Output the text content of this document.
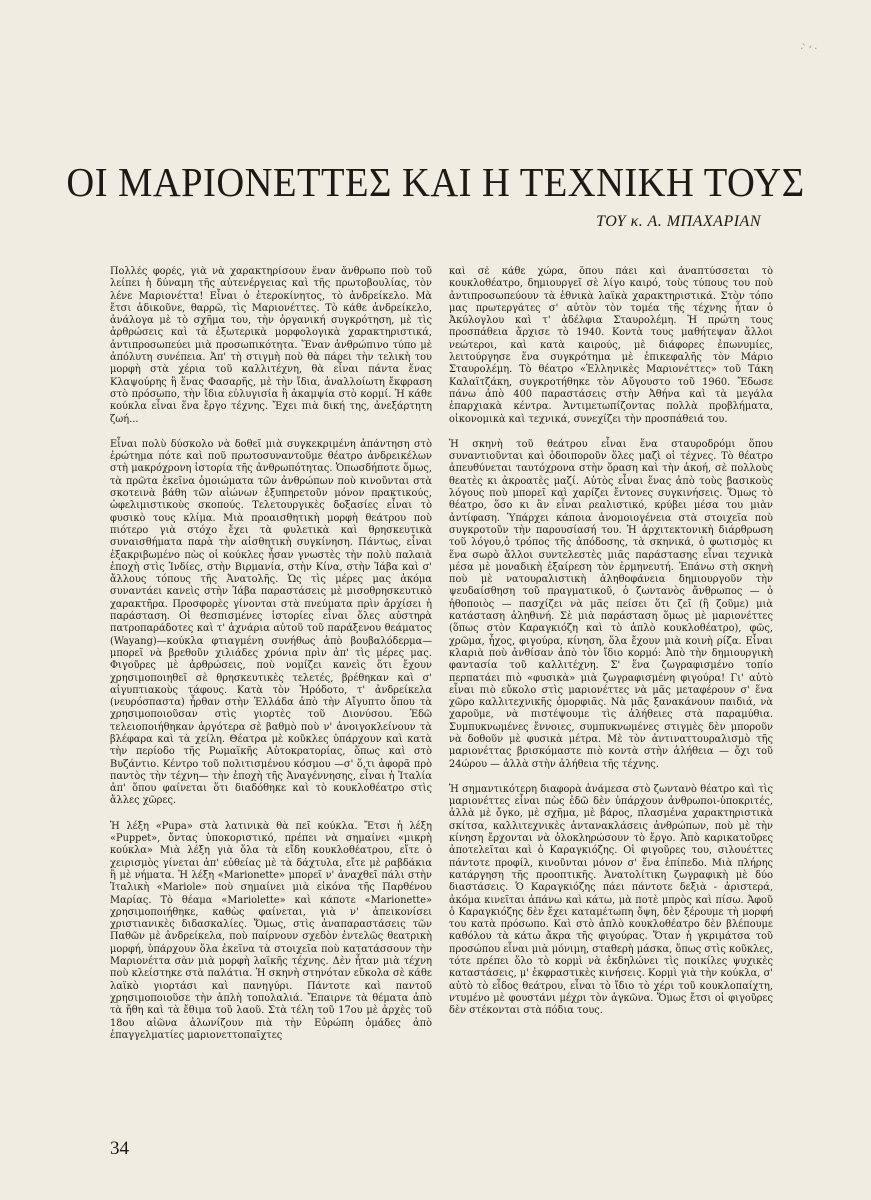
· ̀ ̛ ·
ΟΙ ΜΑΡΙΟΝΕΤΤΕΣ ΚΑΙ Η ΤΕΧΝΙΚΗ ΤΟΥΣ
ΤΟΥ κ. Α. ΜΠΑΧΑΡΙΑΝ

Πολλές φορές, γιὰ νὰ χαρακτηρίσουν ἕναν ἄνθρωπο ποὺ τοῦ λείπει ἡ δύναμη τῆς αὐτενέργειας καὶ τῆς πρωτοβουλίας, τὸν λένε Μαριονέττα! Εἶναι ὁ ἑτεροκίνητος, τὸ ἀνδρείκελο. Μὰ ἔτσι ἀδικοῦνε, θαρρῶ, τὶς Μαριονέττες. Τὸ κάθε ἀνδρείκελο, ἀνάλογα μὲ τὸ σχῆμα του, τὴν ὀργανική συγκρότηση, μὲ τὶς ἀρθρώσεις καὶ τὰ ἐξωτερικὰ μορφολογικὰ χαρακτηριστικά, ἀντιπροσωπεύει μιὰ προσωπικότητα. Ἕναν ἀνθρώπινο τύπο μὲ ἀπόλυτη συνέπεια. Ἀπ' τὴ στιγμὴ ποὺ θὰ πάρει τὴν τελικὴ του μορφὴ στὰ χέρια τοῦ καλλιτέχνη, θὰ εἶναι πάντα ἕνας Κλαψούρης ἢ ἕνας Φασαρῆς, μὲ τὴν ἴδια, ἀναλλοίωτη ἔκφραση στὸ πρόσωπο, τὴν ἴδια εὐλυγισία ἢ ἀκαμψία στὸ κορμί. Ἡ κάθε κούκλα εἶναι ἕνα ἔργο τέχνης. Ἔχει πιὰ δική της, ἀνεξάρτητη ζωή...

Εἶναι πολὺ δύσκολο νὰ δοθεῖ μιὰ συγκεκριμένη ἀπάντηση στὸ ἐρώτημα πότε καὶ ποῦ πρωτοσυναντοῦμε θέατρο ἀνδρεικέλων στὴ μακρόχρονη ἱστορία τῆς ἀνθρωπότητας. Ὁπωσδήποτε ὅμως, τὰ πρῶτα ἐκεῖνα ὁμοιώματα τῶν ἀνθρώπων ποὺ κινοῦνται στὰ σκοτεινὰ βάθη τῶν αἰώνων ἐξυπηρετοῦν μόνον πρακτικούς, ὠφελιμιστικοὺς σκοπούς. Τελετουργικὲς δοξασίες εἶναι τὸ φυσικὸ τους κλίμα. Μιὰ προαισθητικὴ μορφὴ θεάτρου ποὺ πιότερο γιὰ στόχο ἔχει τὰ φυλετικὰ καὶ θρησκευτικὰ συναισθήματα παρὰ τὴν αἰσθητικὴ συγκίνηση. Πάντως, εἶναι ἐξακριβωμένο πὼς οἱ κούκλες ἦσαν γνωστὲς τὴν πολὺ παλαιὰ ἐποχὴ στὶς Ἰνδίες, στὴν Βιρμανία, στὴν Κίνα, στὴν Ἰάβα καὶ σ' ἄλλους τόπους τῆς Ἀνατολῆς. Ὡς τὶς μέρες μας ἀκόμα συναντάει κανεὶς στὴν Ἰάβα παραστάσεις μὲ μισοθρησκευτικὸ χαρακτῆρα. Προσφορὲς γίνονται στὰ πνεύματα πρὶν ἀρχίσει ἡ παράσταση. Οἱ θεσπισμένες ἱστορίες εἶναι ὅλες αὐστηρὰ πατροπαράδοτες καὶ τ' ἀχνάρια αὐτοῦ τοῦ παράξενου θεάματος (Wayang)—κούκλα φτιαγμένη συνήθως ἀπὸ βουβαλόδερμα— μπορεῖ νὰ βρεθοῦν χιλιάδες χρόνια πρὶν ἀπ' τὶς μέρες μας. Φιγοῦρες μὲ ἀρθρώσεις, ποὺ νομίζει κανεὶς ὅτι ἔχουν χρησιμοποιηθεῖ σὲ θρησκευτικὲς τελετές, βρέθηκαν καὶ σ' αἰγυπτιακοὺς τάφους. Κατὰ τὸν Ἡρόδοτο, τ' ἀνδρείκελα (νευρόσπαστα) ἦρθαν στὴν Ἑλλάδα ἀπὸ τὴν Αἴγυπτο ὅπου τὰ χρησιμοποιοῦσαν στὶς γιορτὲς τοῦ Διονύσου. Ἐδῶ τελειοποιήθηκαν ἀργότερα σὲ βαθμὸ ποὺ ν' ἀνοιγοκλείνουν τὰ βλέφαρα καὶ τὰ χείλη. Θέατρα μὲ κοῦκλες ὑπάρχουν καὶ κατὰ τὴν περίοδο τῆς Ρωμαϊκῆς Αὐτοκρατορίας, ὅπως καὶ στὸ Βυζάντιο. Κέντρο τοῦ πολιτισμένου κόσμου —σ' ὅ,τι ἀφορᾶ πρὸ παντὸς τὴν τέχνη— τὴν ἐποχὴ τῆς Ἀναγέννησης, εἶναι ἡ Ἰταλία ἀπ' ὅπου φαίνεται ὅτι διαδόθηκε καὶ τὸ κουκλοθέατρο στὶς ἄλλες χῶρες.

Ἡ λέξη «Pupa» στὰ λατινικὰ θὰ πεῖ κούκλα. Ἔτσι ἡ λέξη «Puppet», ὄντας ὑποκοριστικό, πρέπει νὰ σημαίνει «μικρὴ κούκλα» Μιὰ λέξη γιὰ ὅλα τὰ εἴδη κουκλοθέατρου, εἴτε ὁ χειρισμὸς γίνεται ἀπ' εὐθείας μὲ τὰ δάχτυλα, εἴτε μὲ ραβδάκια ἢ μὲ νήματα. Ἡ λέξη «Marionette» μπορεῖ ν' ἀναχθεῖ πάλι στὴν Ἰταλικὴ «Mariole» ποὺ σημαίνει μιὰ εἰκόνα τῆς Παρθένου Μαρίας. Τὸ θέαμα «Mariolette» καὶ κάποτε «Marionette» χρησιμοποιήθηκε, καθὼς φαίνεται, γιὰ ν' ἀπεικονίσει χριστιανικὲς διδασκαλίες. Ὅμως, στὶς ἀναπαραστάσεις τῶν Παθῶν μὲ ἀνδρείκελα, ποὺ παίρνουν σχεδὸν ἐντελῶς θεατρικὴ μορφή, ὑπάρχουν ὅλα ἐκεῖνα τὰ στοιχεῖα ποὺ κατατάσσουν τὴν Μαριονέττα σὰν μιὰ μορφὴ λαϊκῆς τέχνης. Δὲν ἦταν μιὰ τέχνη ποὺ κλείστηκε στὰ παλάτια. Ἡ σκηνὴ στηνόταν εὔκολα σὲ κάθε λαϊκὸ γιορτάσι καὶ πανηγύρι. Πάντοτε καὶ παντοῦ χρησιμοποιοῦσε τὴν ἁπλὴ τοπολαλιά. Ἔπαιρνε τὰ θέματα ἀπὸ τὰ ἤθη καὶ τὰ ἔθιμα τοῦ λαοῦ. Στὰ τέλη τοῦ 17ου μὲ ἀρχὲς τοῦ 18ου αἰῶνα ἀλωνίζουν πιὰ τὴν Εὐρώπη ὁμάδες ἀπὸ ἐπαγγελματίες μαριονεττοπαῖχτες

καὶ σὲ κάθε χώρα, ὅπου πάει καὶ ἀναπτύσσεται τὸ κουκλοθέατρο, δημιουργεῖ σὲ λίγο καιρό, τοὺς τύπους του ποὺ ἀντιπροσωπεύουν τὰ ἐθνικὰ λαϊκὰ χαρακτηριστικά. Στὸν τόπο μας πρωτεργάτες σ' αὐτὸν τὸν τομέα τῆς τέχνης ἦταν ὁ Ἀκύλογλου καὶ τ' ἀδέλφια Σταυρολέμη. Ἡ πρώτη τους προσπάθεια ἄρχισε τὸ 1940. Κοντὰ τους μαθήτεψαν ἄλλοι νεώτεροι, καὶ κατὰ καιρούς, μὲ διάφορες ἐπωνυμίες, λειτούργησε ἕνα συγκρότημα μὲ ἐπικεφαλῆς τὸν Μάριο Σταυρολέμη. Τὸ θέατρο «Ἑλληνικὲς Μαριονέττες» τοῦ Τάκη Καλαϊτζάκη, συγκροτήθηκε τὸν Αὔγουστο τοῦ 1960. Ἔδωσε πάνω ἀπὸ 400 παραστάσεις στὴν Ἀθήνα καὶ τὰ μεγάλα ἐπαρχιακὰ κέντρα. Ἀντιμετωπίζοντας πολλὰ προβλήματα, οἰκονομικὰ καὶ τεχνικά, συνεχίζει τὴν προσπάθειά του.

Ἡ σκηνὴ τοῦ θεάτρου εἶναι ἕνα σταυροδρόμι ὅπου συναντιοῦνται καὶ ὁδοιποροῦν ὅλες μαζὶ οἱ τέχνες. Τὸ θέατρο ἀπευθύνεται ταυτόχρονα στὴν ὅραση καὶ τὴν ἀκοή, σὲ πολλοὺς θεατὲς κι ἀκροατὲς μαζί. Αὐτὸς εἶναι ἕνας ἀπὸ τοὺς βασικοὺς λόγους ποὺ μπορεῖ καὶ χαρίζει ἔντονες συγκινήσεις. Ὅμως τὸ θέατρο, ὅσο κι ἂν εἶναι ρεαλιστικό, κρύβει μέσα του μιὰν ἀντίφαση. Ὑπάρχει κάποια ἀνομοιογένεια στὰ στοιχεῖα ποὺ συγκροτοῦν τὴν παρουσίασή του. Ἡ ἀρχιτεκτονικὴ διάρθρωση τοῦ λόγου,ὁ τρόπος τῆς ἀπόδοσης, τὰ σκηνικά, ὁ φωτισμὸς κι ἕνα σωρὸ ἄλλοι συντελεστὲς μιᾶς παράστασης εἶναι τεχνικὰ μέσα μὲ μοναδικὴ ἐξαίρεση τὸν ἐρμηνευτή. Ἐπάνω στὴ σκηνὴ ποὺ μὲ νατουραλιστικὴ ἀληθοφάνεια δημιουργοῦν τὴν ψευδαίσθηση τοῦ πραγματικοῦ, ὁ ζωντανὸς ἄνθρωπος — ὁ ἠθοποιὸς — πασχίζει νὰ μᾶς πείσει ὅτι ζεῖ (ἢ ζοῦμε) μιὰ κατάσταση ἀληθινή. Σὲ μιὰ παράσταση ὅμως μὲ μαριονέττες (ὅπως στὸν Καραγκιόζη καὶ τὸ ἁπλὸ κουκλοθέατρο), φῶς, χρῶμα, ἦχος, φιγούρα, κίνηση, ὅλα ἔχουν μιὰ κοινὴ ρίζα. Εἶναι κλαριὰ ποὺ ἀνθίσαν ἀπὸ τὸν ἴδιο κορμό: Ἀπὸ τὴν δημιουργικὴ φαντασία τοῦ καλλιτέχνη. Σ' ἕνα ζωγραφισμένο τοπίο περπατάει πιὸ «φυσικὰ» μιὰ ζωγραφισμένη φιγούρα! Γι' αὐτὸ εἶναι πιὸ εὔκολο στὶς μαριονέττες νὰ μᾶς μεταφέρουν σ' ἕνα χῶρο καλλιτεχνικῆς ὁμορφιᾶς. Νὰ μᾶς ξανακάνουν παιδιά, νὰ χαροῦμε, νὰ πιστέψουμε τὶς ἀλήθειες στὰ παραμύθια. Συμπυκνωμένες ἔννοιες, συμπυκνωμένες στιγμὲς δὲν μποροῦν νὰ δοθοῦν μὲ φυσικὰ μέτρα. Μὲ τὸν ἀντιναττουραλισμὸ τῆς μαριονέττας βρισκόμαστε πιὸ κοντὰ στὴν ἀλήθεια — ὄχι τοῦ 24ώρου — ἀλλὰ στὴν ἀλήθεια τῆς τέχνης.

Ἡ σημαντικότερη διαφορὰ ἀνάμεσα στὸ ζωντανὸ θέατρο καὶ τὶς μαριονέττες εἶναι πὼς ἐδῶ δὲν ὑπάρχουν ἀνθρωποι-ὑποκριτές, ἀλλὰ μὲ ὄγκο, μὲ σχῆμα, μὲ βάρος, πλασμένα χαρακτηριστικὰ σκίτσα, καλλιτεχνικὲς ἀντανακλάσεις ἀνθρώπων, ποὺ μὲ τὴν κίνηση ἔρχονται νὰ ὁλοκληρώσουν τὸ ἔργο. Ἀπὸ καρικατοῦρες ἀποτελεῖται καὶ ὁ Καραγκιόζης. Οἱ φιγοῦρες του, σιλουέττες πάντοτε προφίλ, κινοῦνται μόνον σ' ἕνα ἐπίπεδο. Μιὰ πλήρης κατάργηση τῆς προοπτικῆς. Ἀνατολίτικη ζωγραφικὴ μὲ δύο διαστάσεις. Ὁ Καραγκιόζης πάει πάντοτε δεξιὰ - ἀριστερά, ἀκόμα κινεῖται ἀπάνω καὶ κάτω, μὰ ποτὲ μπρὸς καὶ πίσω. Ἀφοῦ ὁ Καραγκιόζης δὲν ἔχει καταμέτωπη ὄψη, δὲν ξέρουμε τὴ μορφή του κατὰ πρόσωπο. Καὶ στὸ ἁπλὸ κουκλοθέατρο δὲν βλέπουμε καθόλου τὰ κάτω ἄκρα τῆς φιγούρας. Ὅταν ἡ γκριμάτσα τοῦ προσώπου εἶναι μιὰ μόνιμη, σταθερὴ μάσκα, ὅπως στὶς κοῦκλες, τότε πρέπει ὅλο τὸ κορμὶ νὰ ἐκδηλώνει τὶς ποικίλες ψυχικὲς καταστάσεις, μ' ἐκφραστικὲς κινήσεις. Κορμὶ γιὰ τὴν κούκλα, σ' αὐτὸ τὸ εἶδος θεάτρου, εἶναι τὸ ἴδιο τὸ χέρι τοῦ κουκλοπαίχτη, ντυμένο μὲ φουστάνι μέχρι τὸν ἀγκῶνα. Ὅμως ἔτσι οἱ φιγοῦρες δὲν στέκονται στὰ πόδια τους.

34
